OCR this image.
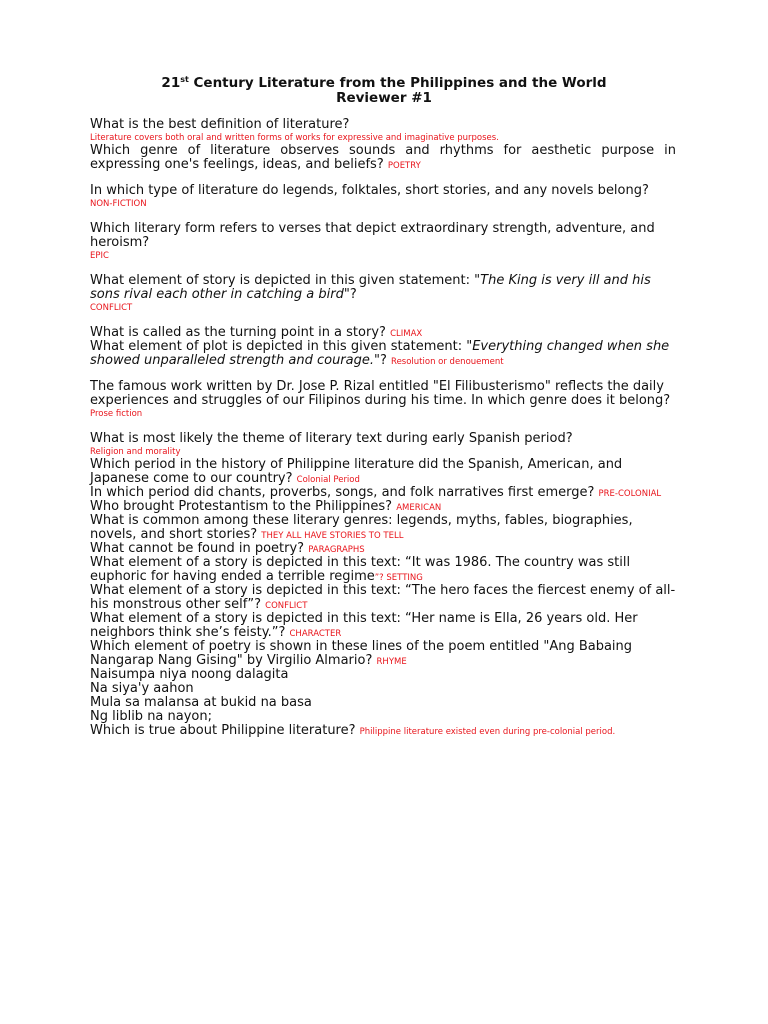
21st Century Literature from the Philippines and the World
Reviewer #1

What is the best definition of literature?

Literature covers both oral and written forms of works for expressive and imaginative purposes.

Which genre of literature observes sounds and rhythms for aesthetic purpose in expressing one's feelings, ideas, and beliefs? POETRY

In which type of literature do legends, folktales, short stories, and any novels belong?

NON-FICTION

Which literary form refers to verses that depict extraordinary strength, adventure, and heroism?

EPIC

What element of story is depicted in this given statement: "The King is very ill and his sons rival each other in catching a bird"?

CONFLICT

What is called as the turning point in a story? CLIMAX

What element of plot is depicted in this given statement: "Everything changed when she showed unparalleled strength and courage."? Resolution or denouement

The famous work written by Dr. Jose P. Rizal entitled "El Filibusterismo" reflects the daily experiences and struggles of our Filipinos during his time. In which genre does it belong?

Prose fiction

What is most likely the theme of literary text during early Spanish period?

Religion and morality

Which period in the history of Philippine literature did the Spanish, American, and Japanese come to our country? Colonial Period

In which period did chants, proverbs, songs, and folk narratives first emerge? PRE-COLONIAL

Who brought Protestantism to the Philippines? AMERICAN

What is common among these literary genres: legends, myths, fables, biographies, novels, and short stories? THEY ALL HAVE STORIES TO TELL

What cannot be found in poetry? PARAGRAPHS

What element of a story is depicted in this text: “It was 1986. The country was still euphoric for having ended a terrible regime”? SETTING

What element of a story is depicted in this text: “The hero faces the fiercest enemy of all- his monstrous other self”? CONFLICT

What element of a story is depicted in this text: “Her name is Ella, 26 years old. Her neighbors think she’s feisty.”? CHARACTER

Which element of poetry is shown in these lines of the poem entitled "Ang Babaing Nangarap Nang Gising" by Virgilio Almario? RHYME

Naisumpa niya noong dalagita

Na siya'y aahon

Mula sa malansa at bukid na basa

Ng liblib na nayon;

Which is true about Philippine literature? Philippine literature existed even during pre-colonial period.
